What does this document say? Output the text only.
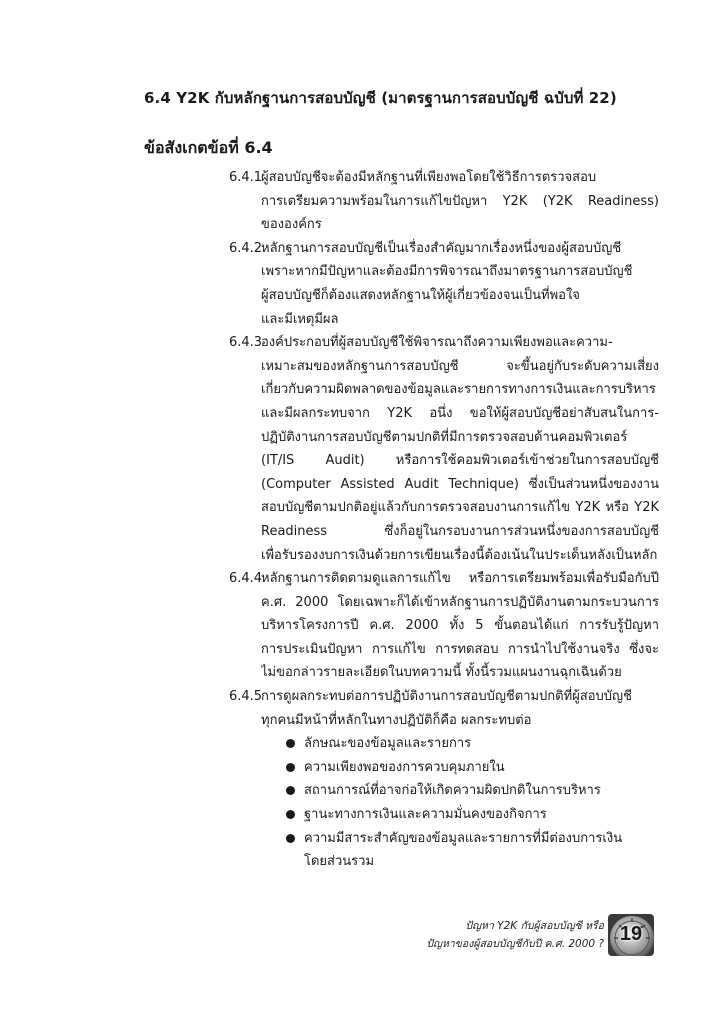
6.4 Y2K กับหลักฐานการสอบบัญชี (มาตรฐานการสอบบัญชี ฉบับที่ 22)
ข้อสังเกตข้อที่ 6.4
6.4.1
ผู้สอบบัญชีจะต้องมีหลักฐานที่เพียงพอโดยใช้วิธีการตรวจสอบ
การเตรียมความพร้อมในการแก้ไขปัญหา Y2K (Y2K Readiness)
ขององค์กร
6.4.2
หลักฐานการสอบบัญชีเป็นเรื่องสำคัญมากเรื่องหนึ่งของผู้สอบบัญชี
เพราะหากมีปัญหาและต้องมีการพิจารณาถึงมาตรฐานการสอบบัญชี
ผู้สอบบัญชีก็ต้องแสดงหลักฐานให้ผู้เกี่ยวข้องจนเป็นที่พอใจ
และมีเหตุมีผล
6.4.3
องค์ประกอบที่ผู้สอบบัญชีใช้พิจารณาถึงความเพียงพอและความ-
เหมาะสมของหลักฐานการสอบบัญชี จะขึ้นอยู่กับระดับความเสี่ยง
เกี่ยวกับความผิดพลาดของข้อมูลและรายการทางการเงินและการบริหาร
และมีผลกระทบจาก Y2K อนึ่ง ขอให้ผู้สอบบัญชีอย่าสับสนในการ-
ปฏิบัติงานการสอบบัญชีตามปกติที่มีการตรวจสอบด้านคอมพิวเตอร์
(IT/IS Audit) หรือการใช้คอมพิวเตอร์เข้าช่วยในการสอบบัญชี
(Computer Assisted Audit Technique) ซึ่งเป็นส่วนหนึ่งของงาน
สอบบัญชีตามปกติอยู่แล้วกับการตรวจสอบงานการแก้ไข Y2K หรือ Y2K
Readiness ซึ่งก็อยู่ในกรอบงานการส่วนหนึ่งของการสอบบัญชี
เพื่อรับรองงบการเงินด้วยการเขียนเรื่องนี้ต้องเน้นในประเด็นหลังเป็นหลัก
6.4.4
หลักฐานการติดตามดูแลการแก้ไข หรือการเตรียมพร้อมเพื่อรับมือกับปี
ค.ศ. 2000 โดยเฉพาะก็ได้เข้าหลักฐานการปฏิบัติงานตามกระบวนการ
บริหารโครงการปี ค.ศ. 2000 ทั้ง 5 ขั้นตอนได้แก่ การรับรู้ปัญหา
การประเมินปัญหา การแก้ไข การทดสอบ การนำไปใช้งานจริง ซึ่งจะ
ไม่ขอกล่าวรายละเอียดในบทความนี้ ทั้งนี้รวมแผนงานฉุกเฉินด้วย
6.4.5
การดูผลกระทบต่อการปฏิบัติงานการสอบบัญชีตามปกติที่ผู้สอบบัญชี
ทุกคนมีหน้าที่หลักในทางปฏิบัติก็คือ ผลกระทบต่อ
ลักษณะของข้อมูลและรายการ
ความเพียงพอของการควบคุมภายใน
สถานการณ์ที่อาจก่อให้เกิดความผิดปกติในการบริหาร
ฐานะทางการเงินและความมั่นคงของกิจการ
ความมีสาระสำคัญของข้อมูลและรายการที่มีต่องบการเงิน
โดยส่วนรวม
ปัญหา Y2K กับผู้สอบบัญชี หรือ
ปัญหาของผู้สอบบัญชีกับปี ค.ศ. 2000 ? 19
